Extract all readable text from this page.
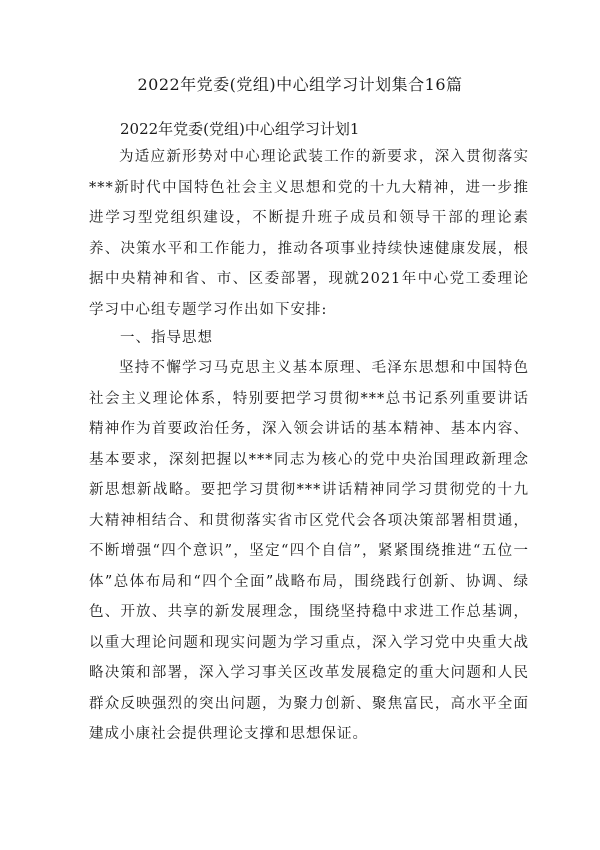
2022年党委(党组)中心组学习计划集合16篇
2022年党委(党组)中心组学习计划1

为适应新形势对中心理论武装工作的新要求，深入贯彻落实***新时代中国特色社会主义思想和党的十九大精神，进一步推进学习型党组织建设，不断提升班子成员和领导干部的理论素养、决策水平和工作能力，推动各项事业持续快速健康发展，根据中央精神和省、市、区委部署，现就2021年中心党工委理论学习中心组专题学习作出如下安排:

一、指导思想

坚持不懈学习马克思主义基本原理、毛泽东思想和中国特色社会主义理论体系，特别要把学习贯彻***总书记系列重要讲话精神作为首要政治任务，深入领会讲话的基本精神、基本内容、基本要求，深刻把握以***同志为核心的党中央治国理政新理念新思想新战略。要把学习贯彻***讲话精神同学习贯彻党的十九大精神相结合、和贯彻落实省市区党代会各项决策部署相贯通，不断增强“四个意识”，坚定“四个自信”，紧紧围绕推进“五位一体”总体布局和“四个全面”战略布局，围绕践行创新、协调、绿色、开放、共享的新发展理念，围绕坚持稳中求进工作总基调，以重大理论问题和现实问题为学习重点，深入学习党中央重大战略决策和部署，深入学习事关区改革发展稳定的重大问题和人民群众反映强烈的突出问题，为聚力创新、聚焦富民，高水平全面建成小康社会提供理论支撑和思想保证。
